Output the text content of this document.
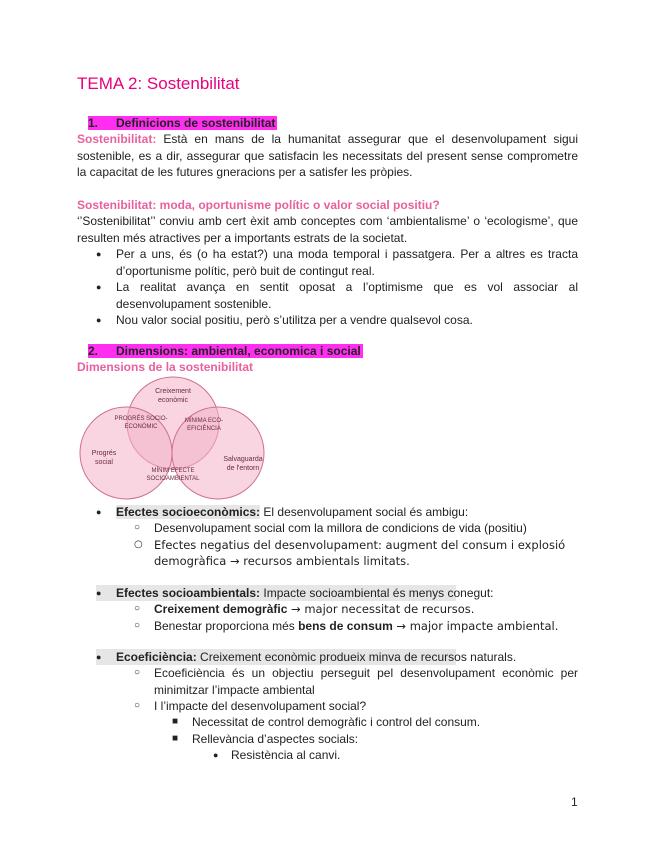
TEMA 2: Sostenbilitat
1. Definicions de sostenibilitat
Sostenibilitat: Està en mans de la humanitat assegurar que el desenvolupament sigui sostenible, es a dir, assegurar que satisfacin les necessitats del present sense comprometre la capacitat de les futures gneracions per a satisfer les pròpies.
Sostenibilitat: moda, oportunisme polític o valor social positiu?
‘’Sostenibilitat’’ conviu amb cert èxit amb conceptes com ‘ambientalisme’ o ‘ecologisme’, que resulten més atractives per a importants estrats de la societat.
● Per a uns, és (o ha estat?) una moda temporal i passatgera. Per a altres es tracta d’oportunisme polític, però buit de contingut real.
● La realitat avança en sentit oposat a l’optimisme que es vol associar al desenvolupament sostenible.
● Nou valor social positiu, però s’utilitza per a vendre qualsevol cosa.
2. Dimensions: ambiental, economica i social
Dimensions de la sostenibilitat
Creixement
econòmic
Progrés
social	Salvaguarda
de l'entorn
PROGRÉS SOCIO-
ECONÒMIC
MÍNIMA ECO-
EFICIÈNCIA
MÍNIM EFECTE
SOCIOAMBIENTAL
● Efectes socioeconòmics: El desenvolupament social és ambigu:
○ Desenvolupament social com la millora de condicions de vida (positiu)
○ Efectes negatius del desenvolupament: augment del consum i explosió
demogràfica → recursos ambientals limitats.
● Efectes socioambientals: Impacte socioambiental és menys conegut:
○ Creixement demogràfic → major necessitat de recursos.
○ Benestar proporciona més bens de consum → major impacte ambiental.
● Ecoeficiència: Creixement econòmic produeix minva de recursos naturals.
○ Ecoeficiència és un objectiu perseguit pel desenvolupament econòmic per minimitzar l’impacte ambiental
○ I l’impacte del desenvolupament social?
■ Necessitat de control demogràfic i control del consum.
■ Rellevància d’aspectes socials:
● Resistència al canvi.
1
